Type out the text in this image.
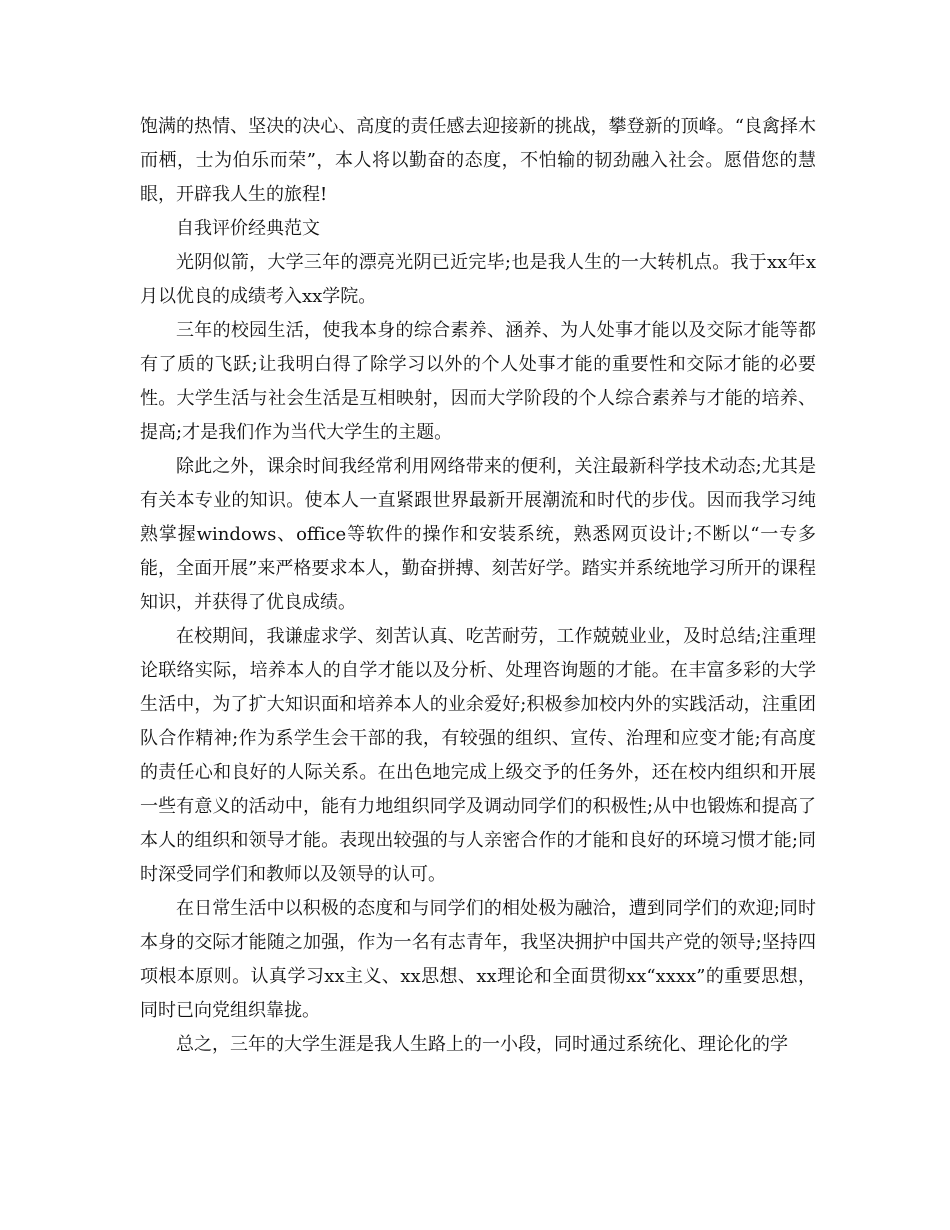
饱满的热情、坚决的决心、高度的责任感去迎接新的挑战，攀登新的顶峰。“良禽择木而栖，士为伯乐而荣”，本人将以勤奋的态度，不怕输的韧劲融入社会。愿借您的慧眼，开辟我人生的旅程!

自我评价经典范文

光阴似箭，大学三年的漂亮光阴已近完毕;也是我人生的一大转机点。我于xx年x月以优良的成绩考入xx学院。

三年的校园生活，使我本身的综合素养、涵养、为人处事才能以及交际才能等都有了质的飞跃;让我明白得了除学习以外的个人处事才能的重要性和交际才能的必要性。大学生活与社会生活是互相映射，因而大学阶段的个人综合素养与才能的培养、提高;才是我们作为当代大学生的主题。

除此之外，课余时间我经常利用网络带来的便利，关注最新科学技术动态;尤其是有关本专业的知识。使本人一直紧跟世界最新开展潮流和时代的步伐。因而我学习纯熟掌握windows、office等软件的操作和安装系统，熟悉网页设计;不断以“一专多能，全面开展”来严格要求本人，勤奋拼搏、刻苦好学。踏实并系统地学习所开的课程知识，并获得了优良成绩。

在校期间，我谦虚求学、刻苦认真、吃苦耐劳，工作兢兢业业，及时总结;注重理论联络实际，培养本人的自学才能以及分析、处理咨询题的才能。在丰富多彩的大学生活中，为了扩大知识面和培养本人的业余爱好;积极参加校内外的实践活动，注重团队合作精神;作为系学生会干部的我，有较强的组织、宣传、治理和应变才能;有高度的责任心和良好的人际关系。在出色地完成上级交予的任务外，还在校内组织和开展一些有意义的活动中，能有力地组织同学及调动同学们的积极性;从中也锻炼和提高了本人的组织和领导才能。表现出较强的与人亲密合作的才能和良好的环境习惯才能;同时深受同学们和教师以及领导的认可。

在日常生活中以积极的态度和与同学们的相处极为融洽，遭到同学们的欢迎;同时本身的交际才能随之加强，作为一名有志青年，我坚决拥护中国共产党的领导;坚持四项根本原则。认真学习xx主义、xx思想、xx理论和全面贯彻xx“xxxx”的重要思想，同时已向党组织靠拢。

总之，三年的大学生涯是我人生路上的一小段，同时通过系统化、理论化的学
